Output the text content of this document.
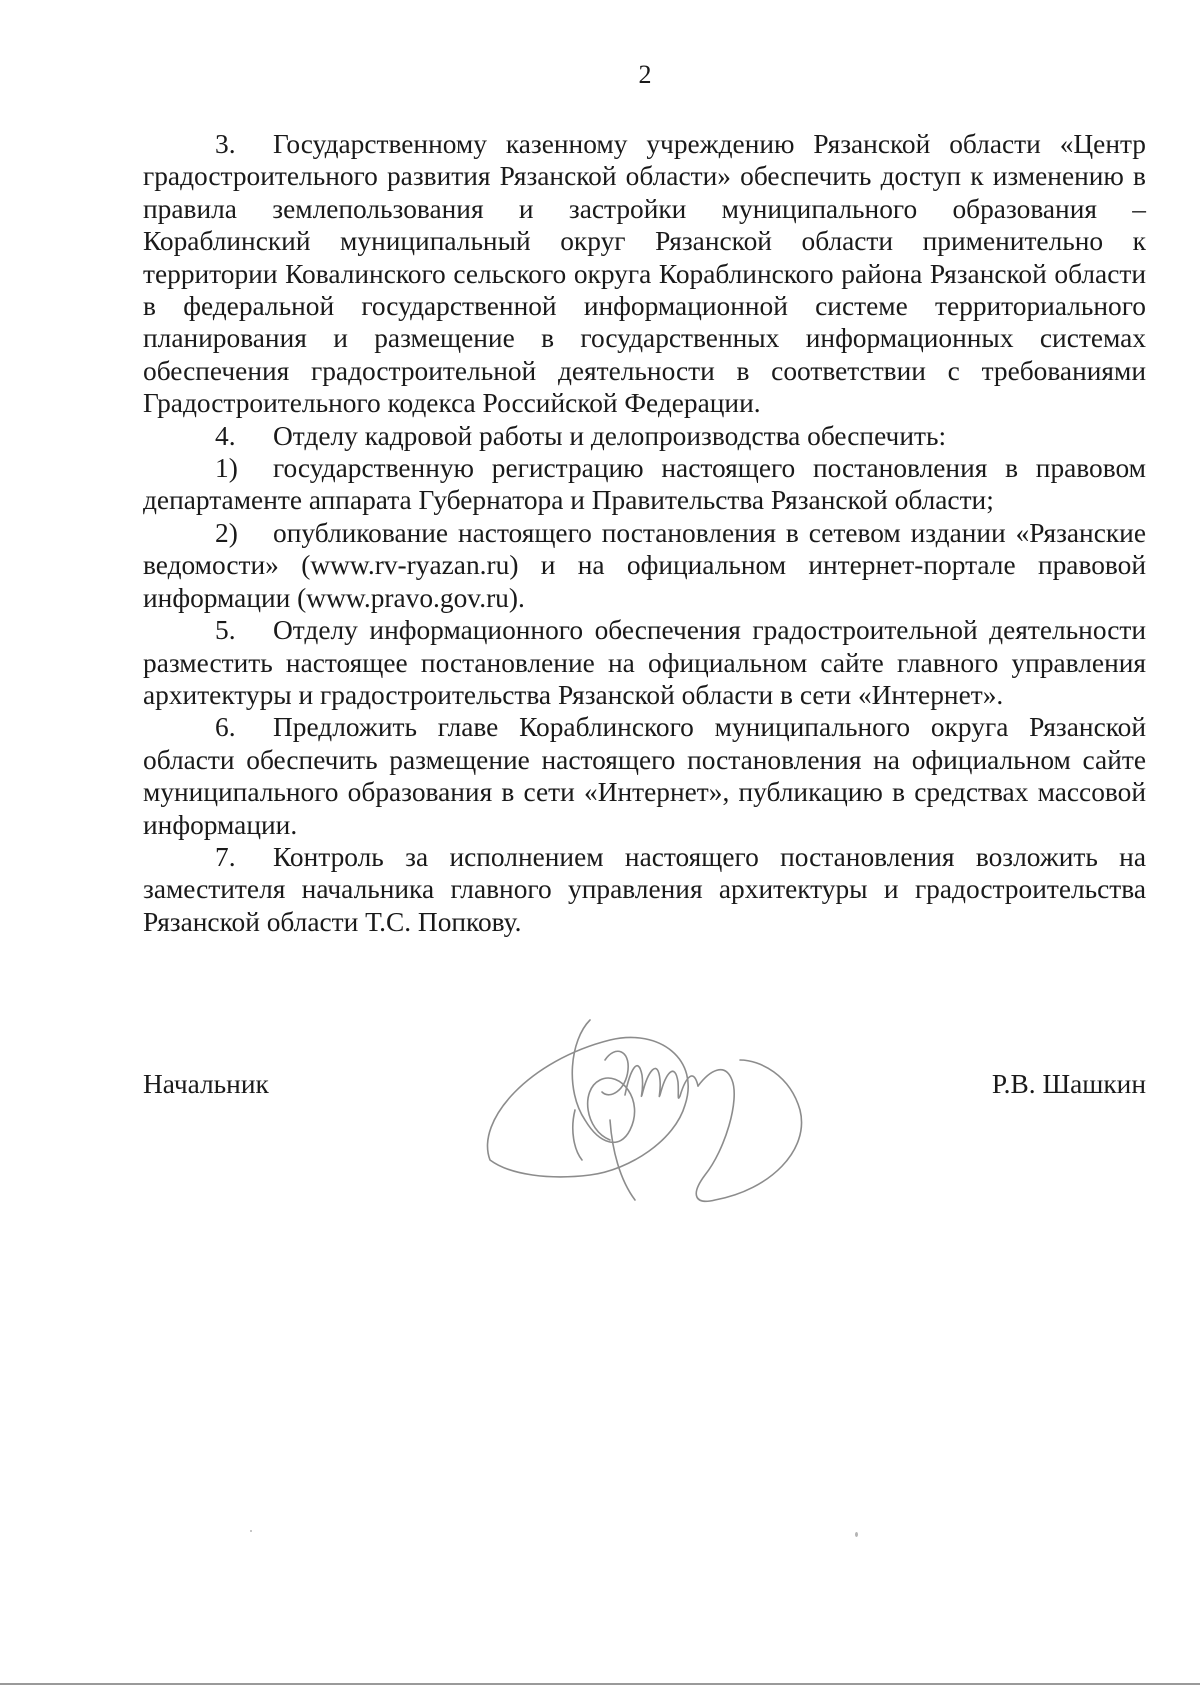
2

3. Государственному казенному учреждению Рязанской области «Центр градостроительного развития Рязанской области» обеспечить доступ к изменению в правила землепользования и застройки муниципального образования – Кораблинский муниципальный округ Рязанской области применительно к территории Ковалинского сельского округа Кораблинского района Рязанской области в федеральной государственной информационной системе территориального планирования и размещение в государственных информационных системах обеспечения градостроительной деятельности в соответствии с требованиями Градостроительного кодекса Российской Федерации.

4. Отделу кадровой работы и делопроизводства обеспечить:

1) государственную регистрацию настоящего постановления в правовом департаменте аппарата Губернатора и Правительства Рязанской области;

2) опубликование настоящего постановления в сетевом издании «Рязанские ведомости» (www.rv-ryazan.ru) и на официальном интернет-портале правовой информации (www.pravo.gov.ru).

5. Отделу информационного обеспечения градостроительной деятельности разместить настоящее постановление на официальном сайте главного управления архитектуры и градостроительства Рязанской области в сети «Интернет».

6. Предложить главе Кораблинского муниципального округа Рязанской области обеспечить размещение настоящего постановления на официальном сайте муниципального образования в сети «Интернет», публикацию в средствах массовой информации.

7. Контроль за исполнением настоящего постановления возложить на заместителя начальника главного управления архитектуры и градостроительства Рязанской области Т.С. Попкову.

Начальник	Р.В. Шашкин
